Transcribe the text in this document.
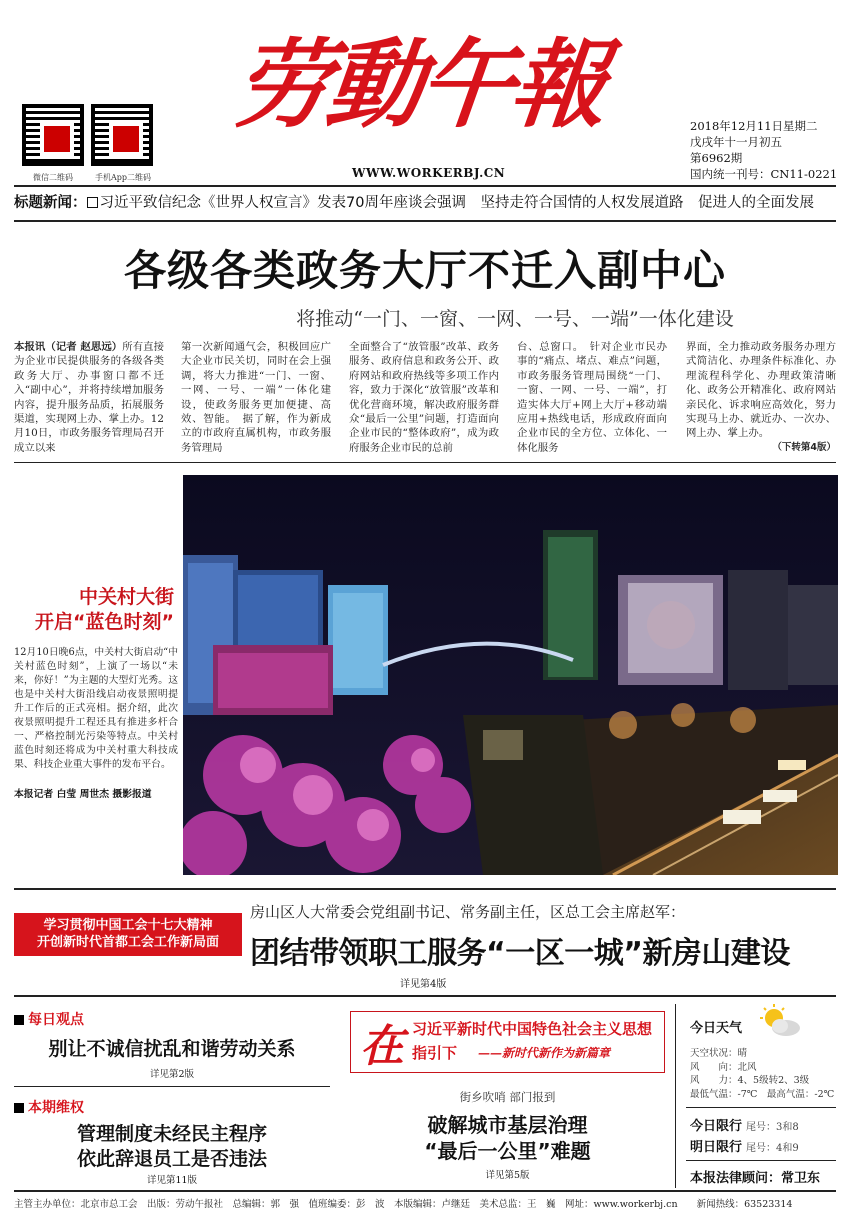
微信二维码	手机App二维码
劳動午報
WWW.WORKERBJ.CN
2018年12月11日星期二
戊戌年十一月初五
第6962期
国内统一刊号：CN11-0221
标题新闻： 习近平致信纪念《世界人权宣言》发表70周年座谈会强调　坚持走符合国情的人权发展道路　促进人的全面发展
各级各类政务大厅不迁入副中心
将推动“一门、一窗、一网、一号、一端”一体化建设
本报讯（记者 赵思远）所有直接为企业市民提供服务的各级各类政务大厅、办事窗口都不迁入“副中心”，并将持续增加服务内容，提升服务品质，拓展服务渠道，实现网上办、掌上办。12月10日，市政务服务管理局召开成立以来
第一次新闻通气会，积极回应广大企业市民关切，同时在会上强调，将大力推进“一门、一窗、一网、一号、一端”一体化建设，使政务服务更加便捷、高效、智能。　据了解，作为新成立的市政府直属机构，市政务服务管理局
全面整合了“放管服”改革、政务服务、政府信息和政务公开、政府网站和政府热线等多项工作内容，致力于深化“放管服”改革和优化营商环境，解决政府服务群众“最后一公里”问题，打造面向企业市民的“整体政府”，成为政府服务企业市民的总前
台、总窗口。　针对企业市民办事的“痛点、堵点、难点”问题，市政务服务管理局围绕“一门、一窗、一网、一号、一端”，打造实体大厅+网上大厅+移动端应用+热线电话，形成政府面向企业市民的全方位、立体化、一体化服务
界面，全力推动政务服务办理方式简洁化、办理条件标准化、办理流程科学化、办理政策清晰化、政务公开精准化、政府网站亲民化、诉求响应高效化，努力实现马上办、就近办、一次办、网上办、掌上办。
（下转第4版）
中关村大街
开启“蓝色时刻”
12月10日晚6点，中关村大街启动“中关村蓝色时刻”，上演了一场以“未来，你好！”为主题的大型灯光秀。这也是中关村大街沿线启动夜景照明提升工作后的正式亮相。据介绍，此次夜景照明提升工程还具有推进多杆合一、严格控制光污染等特点。中关村蓝色时刻还将成为中关村重大科技成果、科技企业重大事件的发布平台。
本报记者 白莹 周世杰 摄影报道
学习贯彻中国工会十七大精神
开创新时代首都工会工作新局面
房山区人大常委会党组副书记、常务副主任，区总工会主席赵军：
团结带领职工服务“一区一城”新房山建设
详见第4版
每日观点
别让不诚信扰乱和谐劳动关系
详见第2版
本期维权
管理制度未经民主程序
依此辞退员工是否违法
详见第11版
在 习近平新时代中国特色社会主义思想
指引下	——新时代新作为新篇章
街乡吹哨 部门报到
破解城市基层治理
“最后一公里”难题
详见第5版
今日天气
天空状况：晴
风　　向：北风
风　　力：4、5级转2、3级
最低气温：-7℃　最高气温：-2℃
今日限行 尾号：3和8
明日限行 尾号：4和9
本报法律顾问：常卫东
主管主办单位：北京市总工会　出版：劳动午报社　总编辑：郭　强　值班编委：彭　波　本版编辑：卢继廷　美术总监：王　巍　网址：www.workerbj.cn　　新闻热线：63523314
